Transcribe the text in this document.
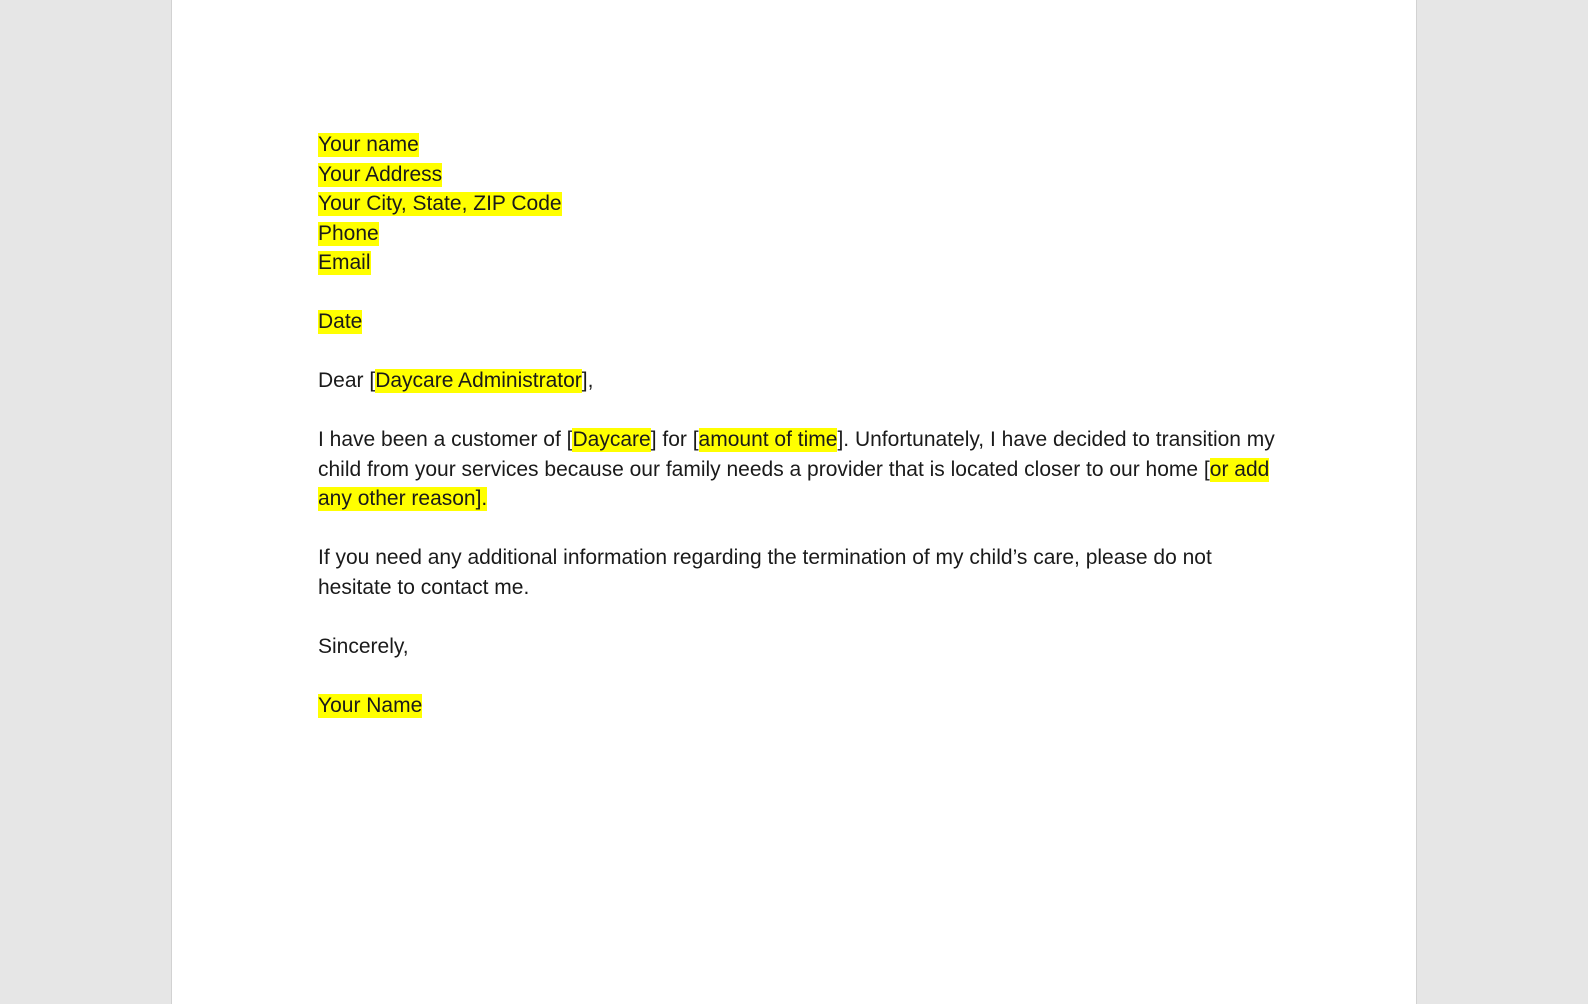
Your name
Your Address
Your City, State, ZIP Code
Phone
Email
Date
Dear [Daycare Administrator],
I have been a customer of [Daycare] for [amount of time]. Unfortunately, I have decided to transition my
child from your services because our family needs a provider that is located closer to our home [or add
any other reason].
If you need any additional information regarding the termination of my child’s care, please do not
hesitate to contact me.
Sincerely,
Your Name
